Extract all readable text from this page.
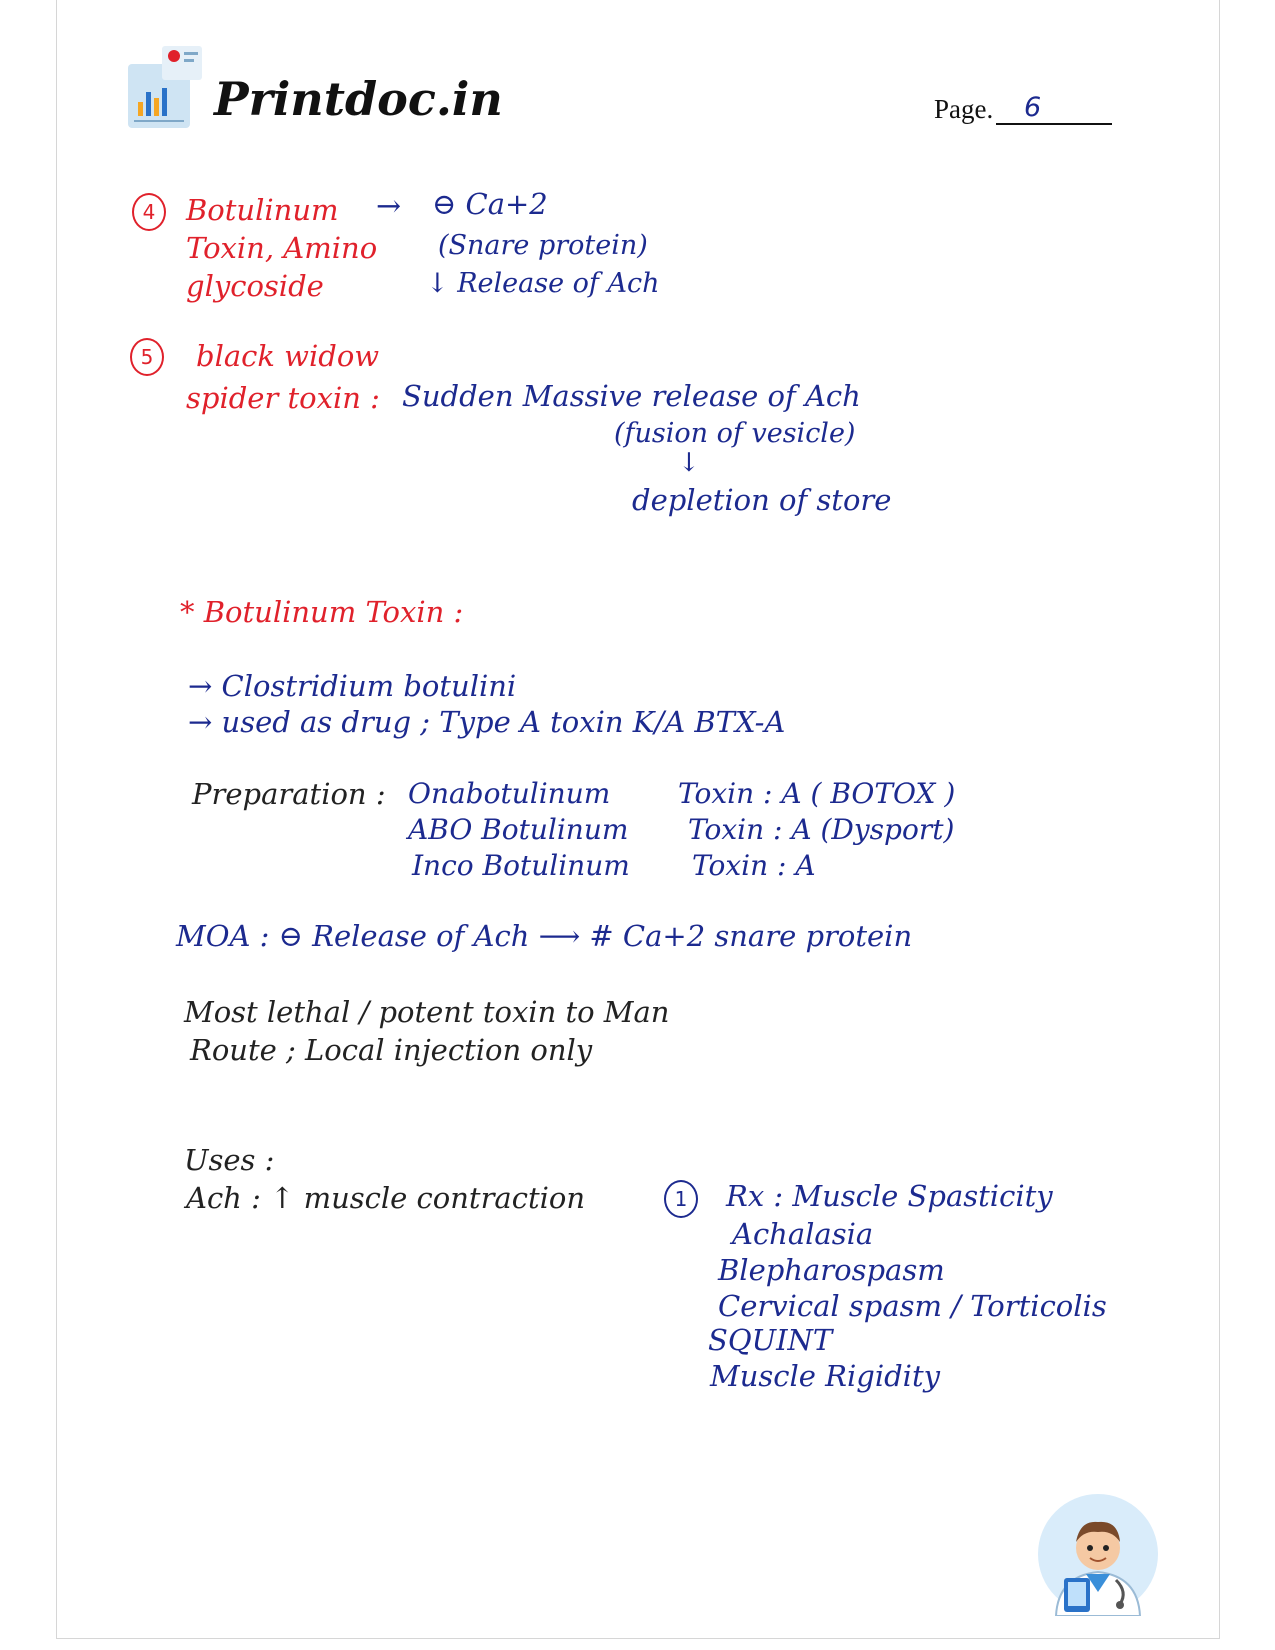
Printdoc.in	Page.	6
4	Botulinum
Toxin, Amino
glycoside
→ ⊖ Ca+2
(Snare protein)
↓ Release of Ach
5	black widow
spider toxin : Sudden Massive release of Ach
(fusion of vesicle)
↓
depletion of store
* Botulinum Toxin :
→ Clostridium botulini
→ used as drug ; Type A toxin K/A BTX-A
Preparation : Onabotulinum Toxin : A ( BOTOX )
ABO Botulinum Toxin : A (Dysport)
Inco Botulinum Toxin : A
MOA : ⊖ Release of Ach ⟶ # Ca+2 snare protein
Most lethal / potent toxin to Man
Route ; Local injection only
Uses :
Ach : ↑ muscle contraction	1	Rx : Muscle Spasticity
Achalasia
Blepharospasm
Cervical spasm / Torticolis
SQUINT
Muscle Rigidity
